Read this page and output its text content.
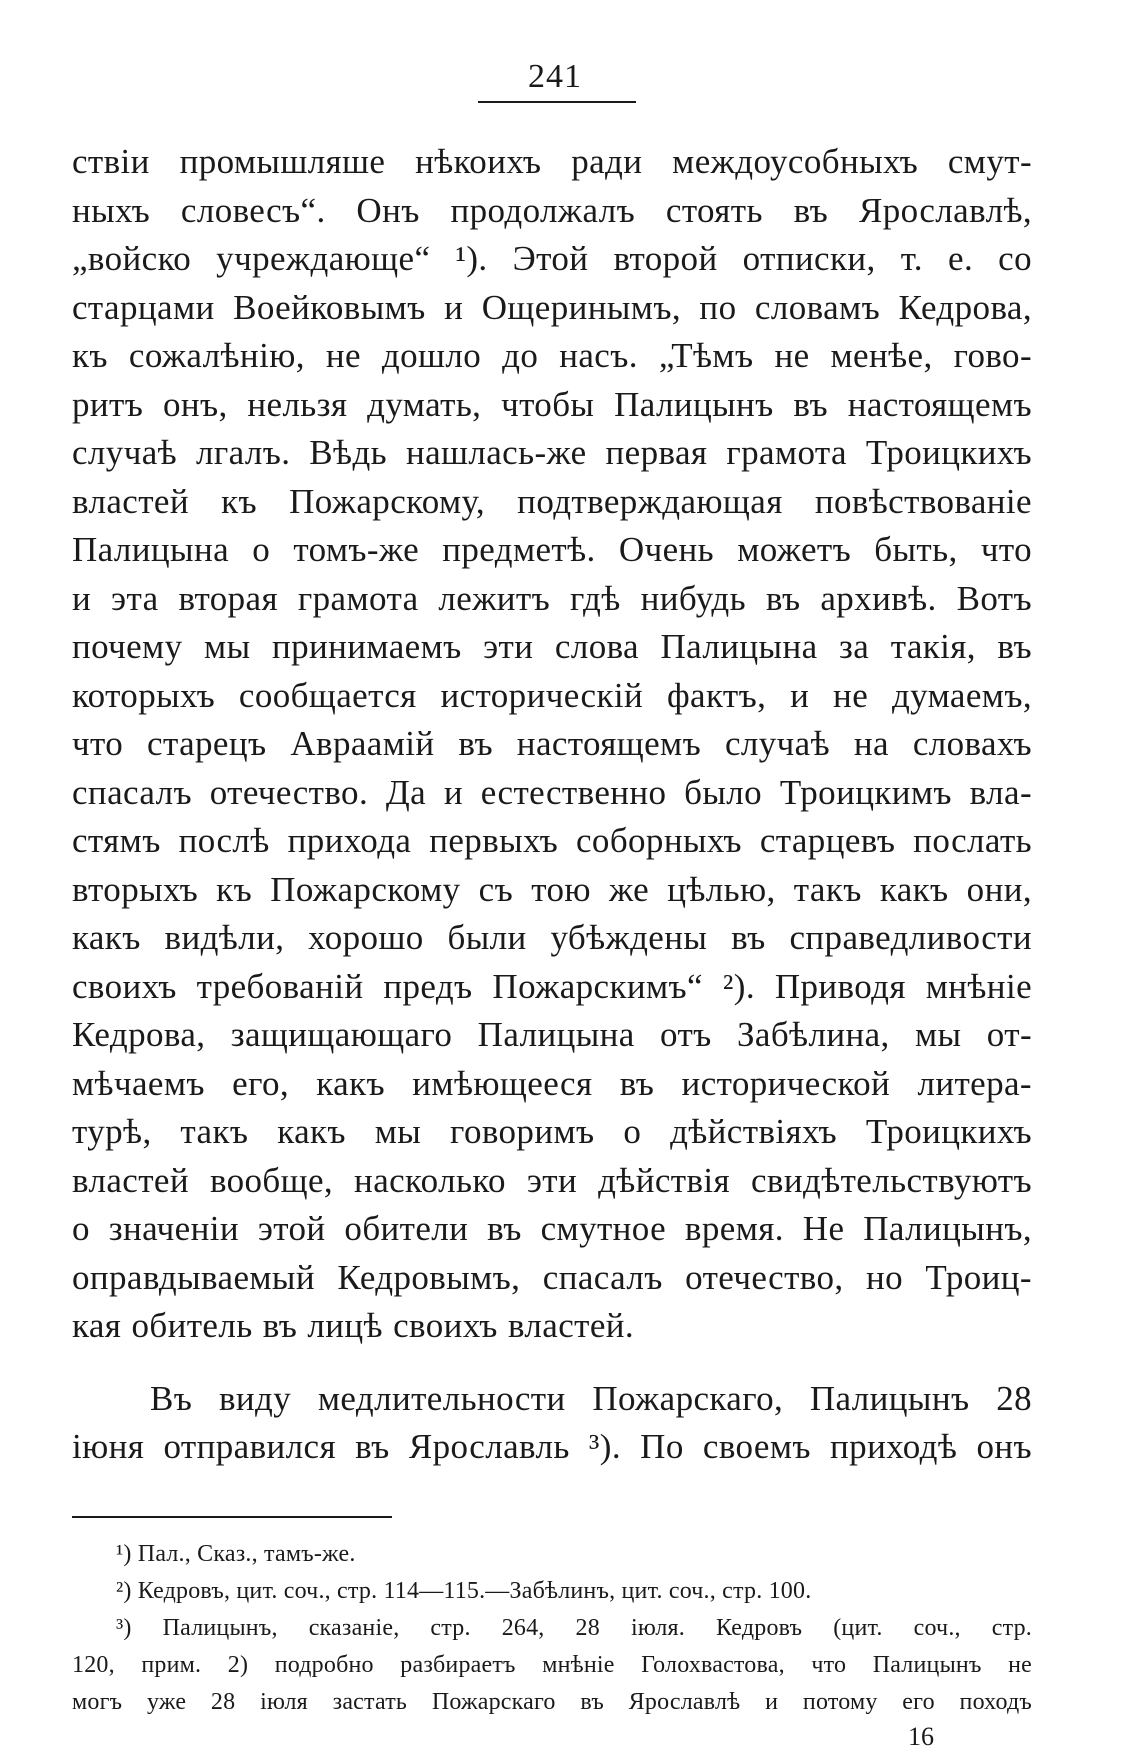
241
ствіи промышляше нѣкоихъ ради междоусобныхъ смут-
ныхъ словесъ“. Онъ продолжалъ стоять въ Ярославлѣ,
„войско учреждающе“ ¹). Этой второй отписки, т. е. со
старцами Воейковымъ и Ощеринымъ, по словамъ Кедрова,
къ сожалѣнію, не дошло до насъ. „Тѣмъ не менѣе, гово-
ритъ онъ, нельзя думать, чтобы Палицынъ въ настоящемъ
случаѣ лгалъ. Вѣдь нашлась-же первая грамота Троицкихъ
властей къ Пожарскому, подтверждающая повѣствованіе
Палицына о томъ-же предметѣ. Очень можетъ быть, что
и эта вторая грамота лежитъ гдѣ нибудь въ архивѣ. Вотъ
почему мы принимаемъ эти слова Палицына за такія, въ
которыхъ сообщается историческій фактъ, и не думаемъ,
что старецъ Авраамій въ настоящемъ случаѣ на словахъ
спасалъ отечество. Да и естественно было Троицкимъ вла-
стямъ послѣ прихода первыхъ соборныхъ старцевъ послать
вторыхъ къ Пожарскому съ тою же цѣлью, такъ какъ они,
какъ видѣли, хорошо были убѣждены въ справедливости
своихъ требованій предъ Пожарскимъ“ ²). Приводя мнѣніе
Кедрова, защищающаго Палицына отъ Забѣлина, мы от-
мѣчаемъ его, какъ имѣющееся въ исторической литера-
турѣ, такъ какъ мы говоримъ о дѣйствіяхъ Троицкихъ
властей вообще, насколько эти дѣйствія свидѣтельствуютъ
о значеніи этой обители въ смутное время. Не Палицынъ,
оправдываемый Кедровымъ, спасалъ отечество, но Троиц-
кая обитель въ лицѣ своихъ властей.
Въ виду медлительности Пожарскаго, Палицынъ 28
іюня отправился въ Ярославль ³). По своемъ приходѣ онъ
¹) Пал., Сказ., тамъ-же.
²) Кедровъ, цит. соч., стр. 114—115.—Забѣлинъ, цит. соч., стр. 100.
³) Палицынъ, сказаніе, стр. 264, 28 іюля. Кедровъ (цит. соч., стр.
120, прим. 2) подробно разбираетъ мнѣніе Голохвастова, что Палицынъ не
могъ уже 28 іюля застать Пожарскаго въ Ярославлѣ и потому его походъ
16
